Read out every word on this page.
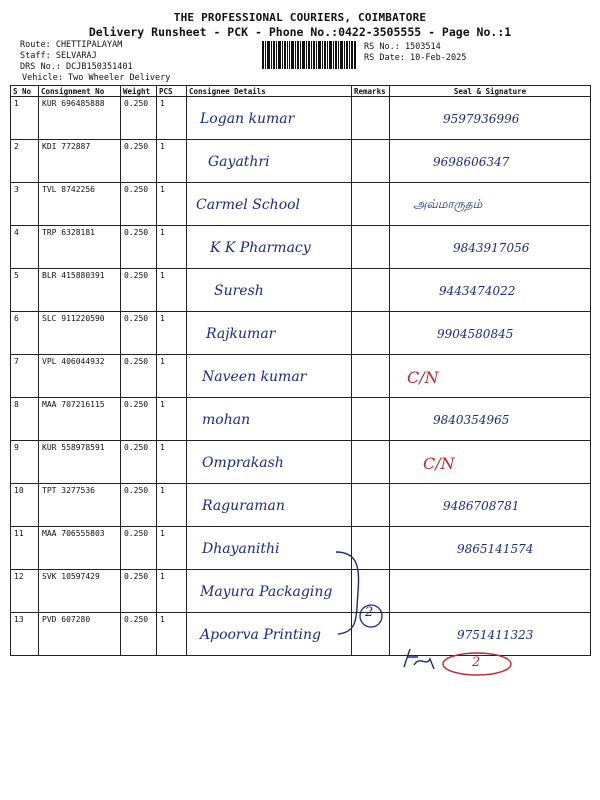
THE PROFESSIONAL COURIERS, COIMBATORE
Delivery Runsheet - PCK - Phone No.:0422-3505555 - Page No.:1
Route: CHETTIPALAYAM
Staff: SELVARAJ
DRS No.: DCJB150351401
Vehicle: Two Wheeler Delivery
RS No.: 1503514
RS Date: 10-Feb-2025
S No	Consignment No	Weight	PCS	Consignee Details	Remarks	Seal & Signature
1	KUR 696485888	0.250	1	Logan kumar		9597936996

2	KDI 772887	0.250	1	Gayathri		9698606347

3	TVL 8742256	0.250	1	Carmel School		அவ்மாருதம்

4	TRP 6328181	0.250	1	K K Pharmacy		9843917056

5	BLR 415880391	0.250	1	Suresh		9443474022

6	SLC 911220590	0.250	1	Rajkumar		9904580845

7	VPL 406044932	0.250	1	Naveen kumar		C/N

8	MAA 707216115	0.250	1	mohan		9840354965

9	KUR 558978591	0.250	1	Omprakash		C/N

10	TPT 3277536	0.250	1	Raguraman		9486708781

11	MAA 706555803	0.250	1	Dhayanithi		9865141574

12	SVK 10597429	0.250	1	Mayura Packaging		

13	PVD 607280	0.250	1	Apoorva Printing	2	9751411323
2
